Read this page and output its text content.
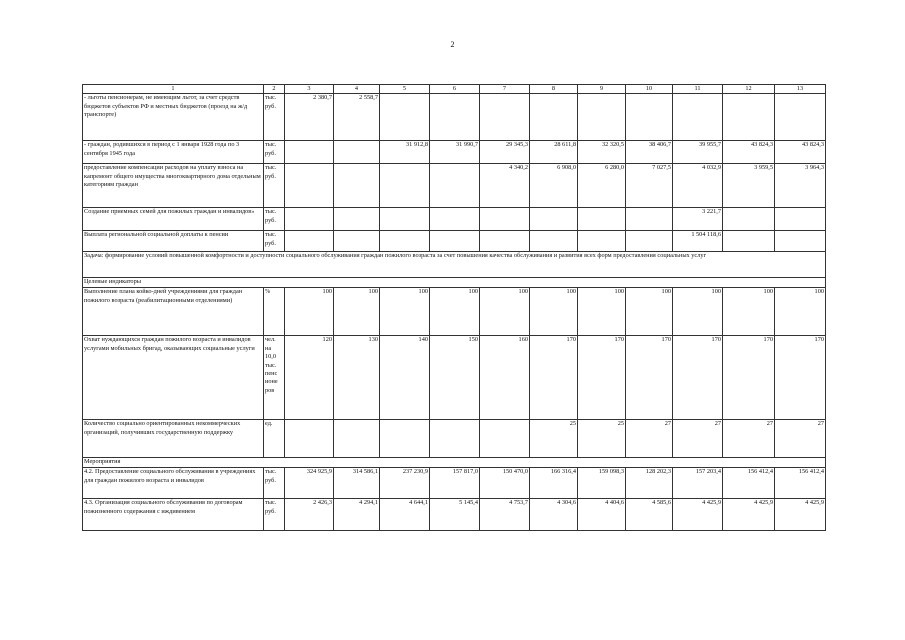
2
1	2	3	4	5	6	7	8	9	10	11	12	13
- льготы пенсионерам, не имеющим льгот, за счет средств бюджетов субъектов РФ и местных бюджетов (проезд на ж/д транспорте)	тыс. руб.	2 380,7	2 558,7									
- граждан, родившихся в период с 1 января 1928 года по 3 сентября 1945 года	тыс. руб.			31 912,8	31 990,7	29 345,3	28 611,8	32 320,5	38 406,7	39 955,7	43 824,3	43 824,3
предоставление компенсации расходов на уплату взноса на капремонт общего имущества многоквартирного дома отдельным категориям граждан	тыс. руб.					4 340,2	6 908,0	6 280,0	7 027,5	4 032,9	3 959,5	3 964,3
Создание приемных семей для пожилых граждан и инвалидов»	тыс. руб.									3 221,7		
Выплата региональной социальной доплаты к пенсии	тыс. руб.									1 504 118,6		
Задача: формирование условий повышенной комфортности и доступности социального обслуживания граждан пожилого возраста за счет повышения качества обслуживания и развития всех форм предоставления социальных услуг												
Целевые индикаторы												
Выполнение плана койко-дней учреждениями для граждан пожилого возраста (реабилитационными отделениями)	%	100	100	100	100	100	100	100	100	100	100	100
Охват нуждающихся граждан пожилого возраста и инвалидов услугами мобильных бригад, оказывающих социальные услуги	чел. на 10,0 тыс. пенс ионе ров	120	130	140	150	160	170	170	170	170	170	170
Количество социально ориентированных некоммерческих организаций, получивших государственную поддержку	ед.						25	25	27	27	27	27
Мероприятия												
4.2. Предоставление социального обслуживания в учреждениях для граждан пожилого возраста и инвалидов	тыс. руб.	324 925,9	314 586,1	237 230,9	157 817,0	150 470,0	166 316,4	159 098,3	128 202,3	157 203,4	156 412,4	156 412,4
4.3. Организация социального обслуживания по договорам пожизненного содержания с иждивением	тыс. руб.	2 426,3	4 294,1	4 644,1	5 145,4	4 753,7	4 304,6	4 404,6	4 585,6	4 425,9	4 425,9	4 425,9
